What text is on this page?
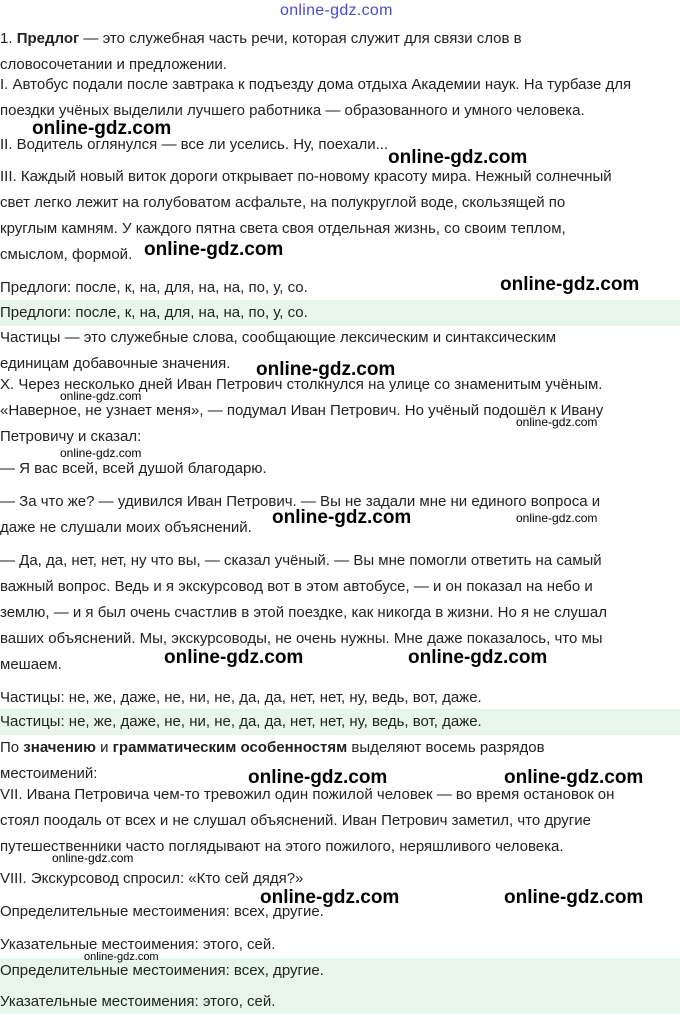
1. Предлог — это служебная часть речи, которая служит для связи слов в
словосочетании и предложении.
I. Автобус подали после завтрака к подъезду дома отдыха Академии наук. На турбазе для
поездки учёных выделили лучшего работника — образованного и умного человека.
II. Водитель оглянулся — все ли уселись. Ну, поехали...
III. Каждый новый виток дороги открывает по-новому красоту мира. Нежный солнечный
свет легко лежит на голубоватом асфальте, на полукруглой воде, скользящей по
круглым камням. У каждого пятна света своя отдельная жизнь, со своим теплом,
смыслом, формой.
Предлоги: после, к, на, для, на, на, по, у, со.
Предлоги: после, к, на, для, на, на, по, у, со.
Частицы — это служебные слова, сообщающие лексическим и синтаксическим
единицам добавочные значения.
X. Через несколько дней Иван Петрович столкнулся на улице со знаменитым учёным.
«Наверное, не узнает меня», — подумал Иван Петрович. Но учёный подошёл к Ивану
Петровичу и сказал:
— Я вас всей, всей душой благодарю.
— За что же? — удивился Иван Петрович. — Вы не задали мне ни единого вопроса и
даже не слушали моих объяснений.
— Да, да, нет, нет, ну что вы, — сказал учёный. — Вы мне помогли ответить на самый
важный вопрос. Ведь и я экскурсовод вот в этом автобусе, — и он показал на небо и
землю, — и я был очень счастлив в этой поездке, как никогда в жизни. Но я не слушал
ваших объяснений. Мы, экскурсоводы, не очень нужны. Мне даже показалось, что мы
мешаем.
Частицы: не, же, даже, не, ни, не, да, да, нет, нет, ну, ведь, вот, даже.
Частицы: не, же, даже, не, ни, не, да, да, нет, нет, ну, ведь, вот, даже.
По значению и грамматическим особенностям выделяют восемь разрядов
местоимений:
VII. Ивана Петровича чем-то тревожил один пожилой человек — во время остановок он
стоял поодаль от всех и не слушал объяснений. Иван Петрович заметил, что другие
путешественники часто поглядывают на этого пожилого, неряшливого человека.
VIII. Экскурсовод спросил: «Кто сей дядя?»
Определительные местоимения: всех, другие.
Указательные местоимения: этого, сей.
Определительные местоимения: всех, другие.
Указательные местоимения: этого, сей.
online-gdz.com
online-gdz.com
online-gdz.com
online-gdz.com
online-gdz.com
online-gdz.com
online-gdz.com
online-gdz.com
online-gdz.com
online-gdz.com	online-gdz.com
online-gdz.com	online-gdz.com
online-gdz.com	online-gdz.com
online-gdz.com
online-gdz.com	online-gdz.com
online-gdz.com
